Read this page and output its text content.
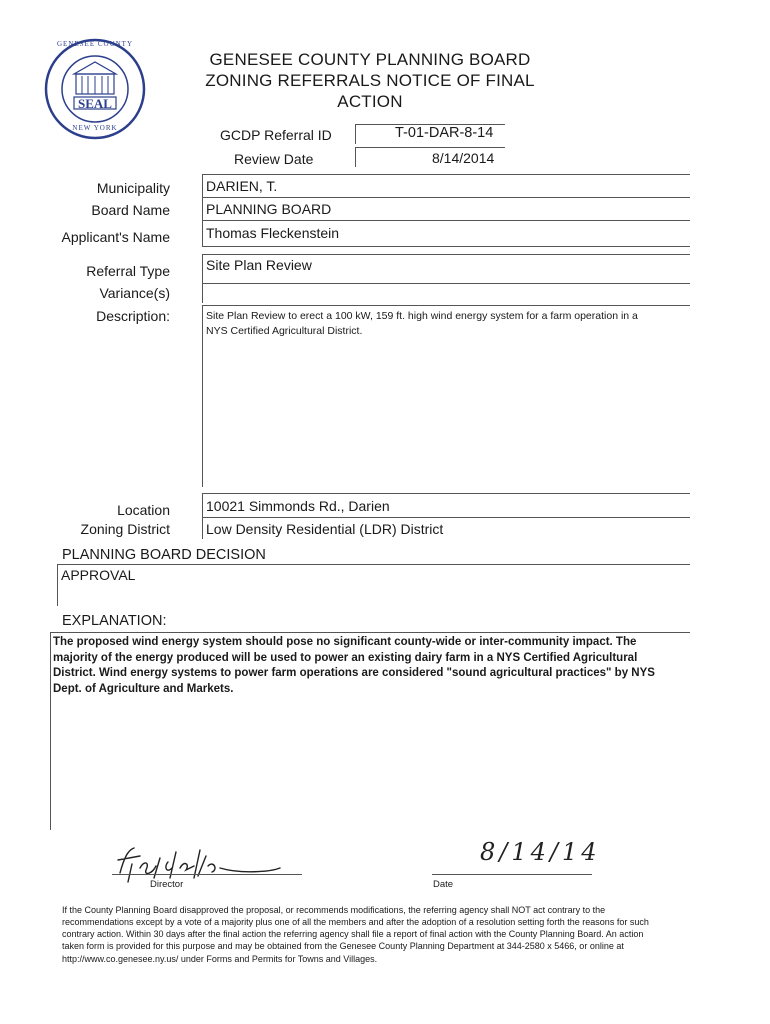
SEAL
GENESEE COUNTY
NEW YORK
GENESEE COUNTY PLANNING BOARD
ZONING REFERRALS NOTICE OF FINAL
ACTION
GCDP Referral ID	T-01-DAR-8-14
Review Date	8/14/2014
Municipality	DARIEN, T.
Board Name	PLANNING BOARD
Applicant's Name	Thomas Fleckenstein
Referral Type	Site Plan Review
Variance(s)
Description:	Site Plan Review to erect a 100 kW, 159 ft. high wind energy system for a farm operation in a NYS Certified Agricultural District.
Location	10021 Simmonds Rd., Darien
Zoning District	Low Density Residential (LDR) District
PLANNING BOARD DECISION
APPROVAL
EXPLANATION:
The proposed wind energy system should pose no significant county-wide or inter-community impact. The majority of the energy produced will be used to power an existing dairy farm in a NYS Certified Agricultural District. Wind energy systems to power farm operations are considered "sound agricultural practices" by NYS Dept. of Agriculture and Markets.
Director
8/14/14
Date
If the County Planning Board disapproved the proposal, or recommends modifications, the referring agency shall NOT act contrary to the recommendations except by a vote of a majority plus one of all the members and after the adoption of a resolution setting forth the reasons for such contrary action. Within 30 days after the final action the referring agency shall file a report of final action with the County Planning Board. An action taken form is provided for this purpose and may be obtained from the Genesee County Planning Department at 344-2580 x 5466, or online at http://www.co.genesee.ny.us/ under Forms and Permits for Towns and Villages.
